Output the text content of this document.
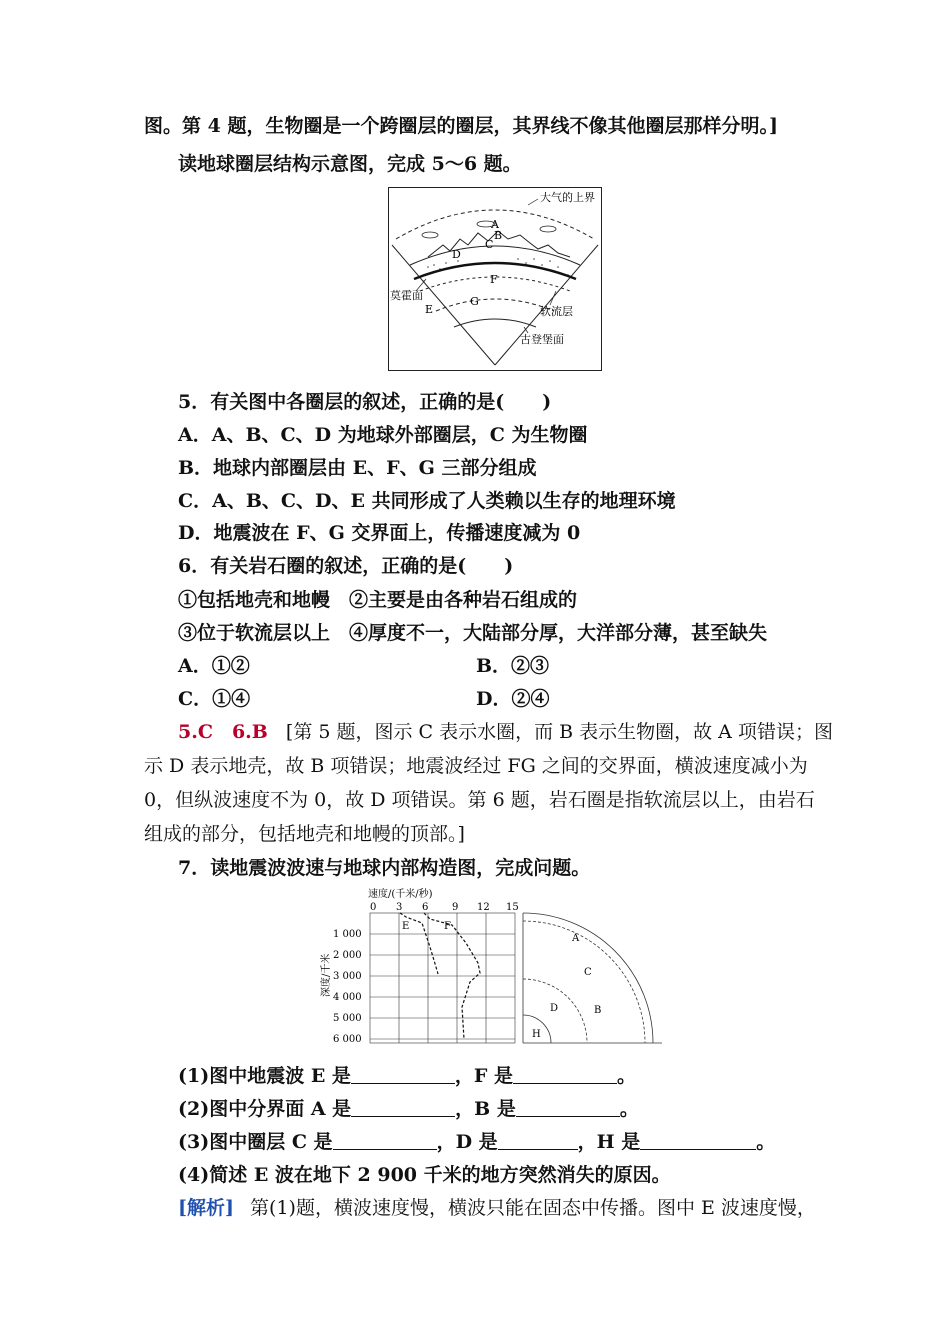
图。第 4 题，生物圈是一个跨圈层的圈层，其界线不像其他圈层那样分明。]
读地球圈层结构示意图，完成 5～6 题。
大气的上界
A
B
C
D
F
G
莫霍面
E	软流层
古登堡面
5．有关图中各圈层的叙述，正确的是(　　)
A．A、B、C、D 为地球外部圈层，C 为生物圈
B．地球内部圈层由 E、F、G 三部分组成
C．A、B、C、D、E 共同形成了人类赖以生存的地理环境
D．地震波在 F、G 交界面上，传播速度减为 0
6．有关岩石圈的叙述，正确的是(　　)
①包括地壳和地幔　②主要是由各种岩石组成的
③位于软流层以上　④厚度不一，大陆部分厚，大洋部分薄，甚至缺失
A．①②	B．②③
C．①④	D．②④
5.C　6.B [第 5 题，图示 C 表示水圈，而 B 表示生物圈，故 A 项错误；图
示 D 表示地壳，故 B 项错误；地震波经过 FG 之间的交界面，横波速度减小为
0，但纵波速度不为 0，故 D 项错误。第 6 题，岩石圈是指软流层以上，由岩石
组成的部分，包括地壳和地幔的顶部。]
7．读地震波波速与地球内部构造图，完成问题。
速度/(千米/秒)
0 3 6 9 12 15
1 000
2 000
3 000
4 000
5 000
6 000
深度/千米
E	F
A
C
D	B
H
(1)图中地震波 E 是	，F 是	。
(2)图中分界面 A 是	，B 是	。
(3)图中圈层 C 是	，D 是	，H 是	。
(4)简述 E 波在地下 2 900 千米的地方突然消失的原因。
[解析] 第(1)题，横波速度慢，横波只能在固态中传播。图中 E 波速度慢，
